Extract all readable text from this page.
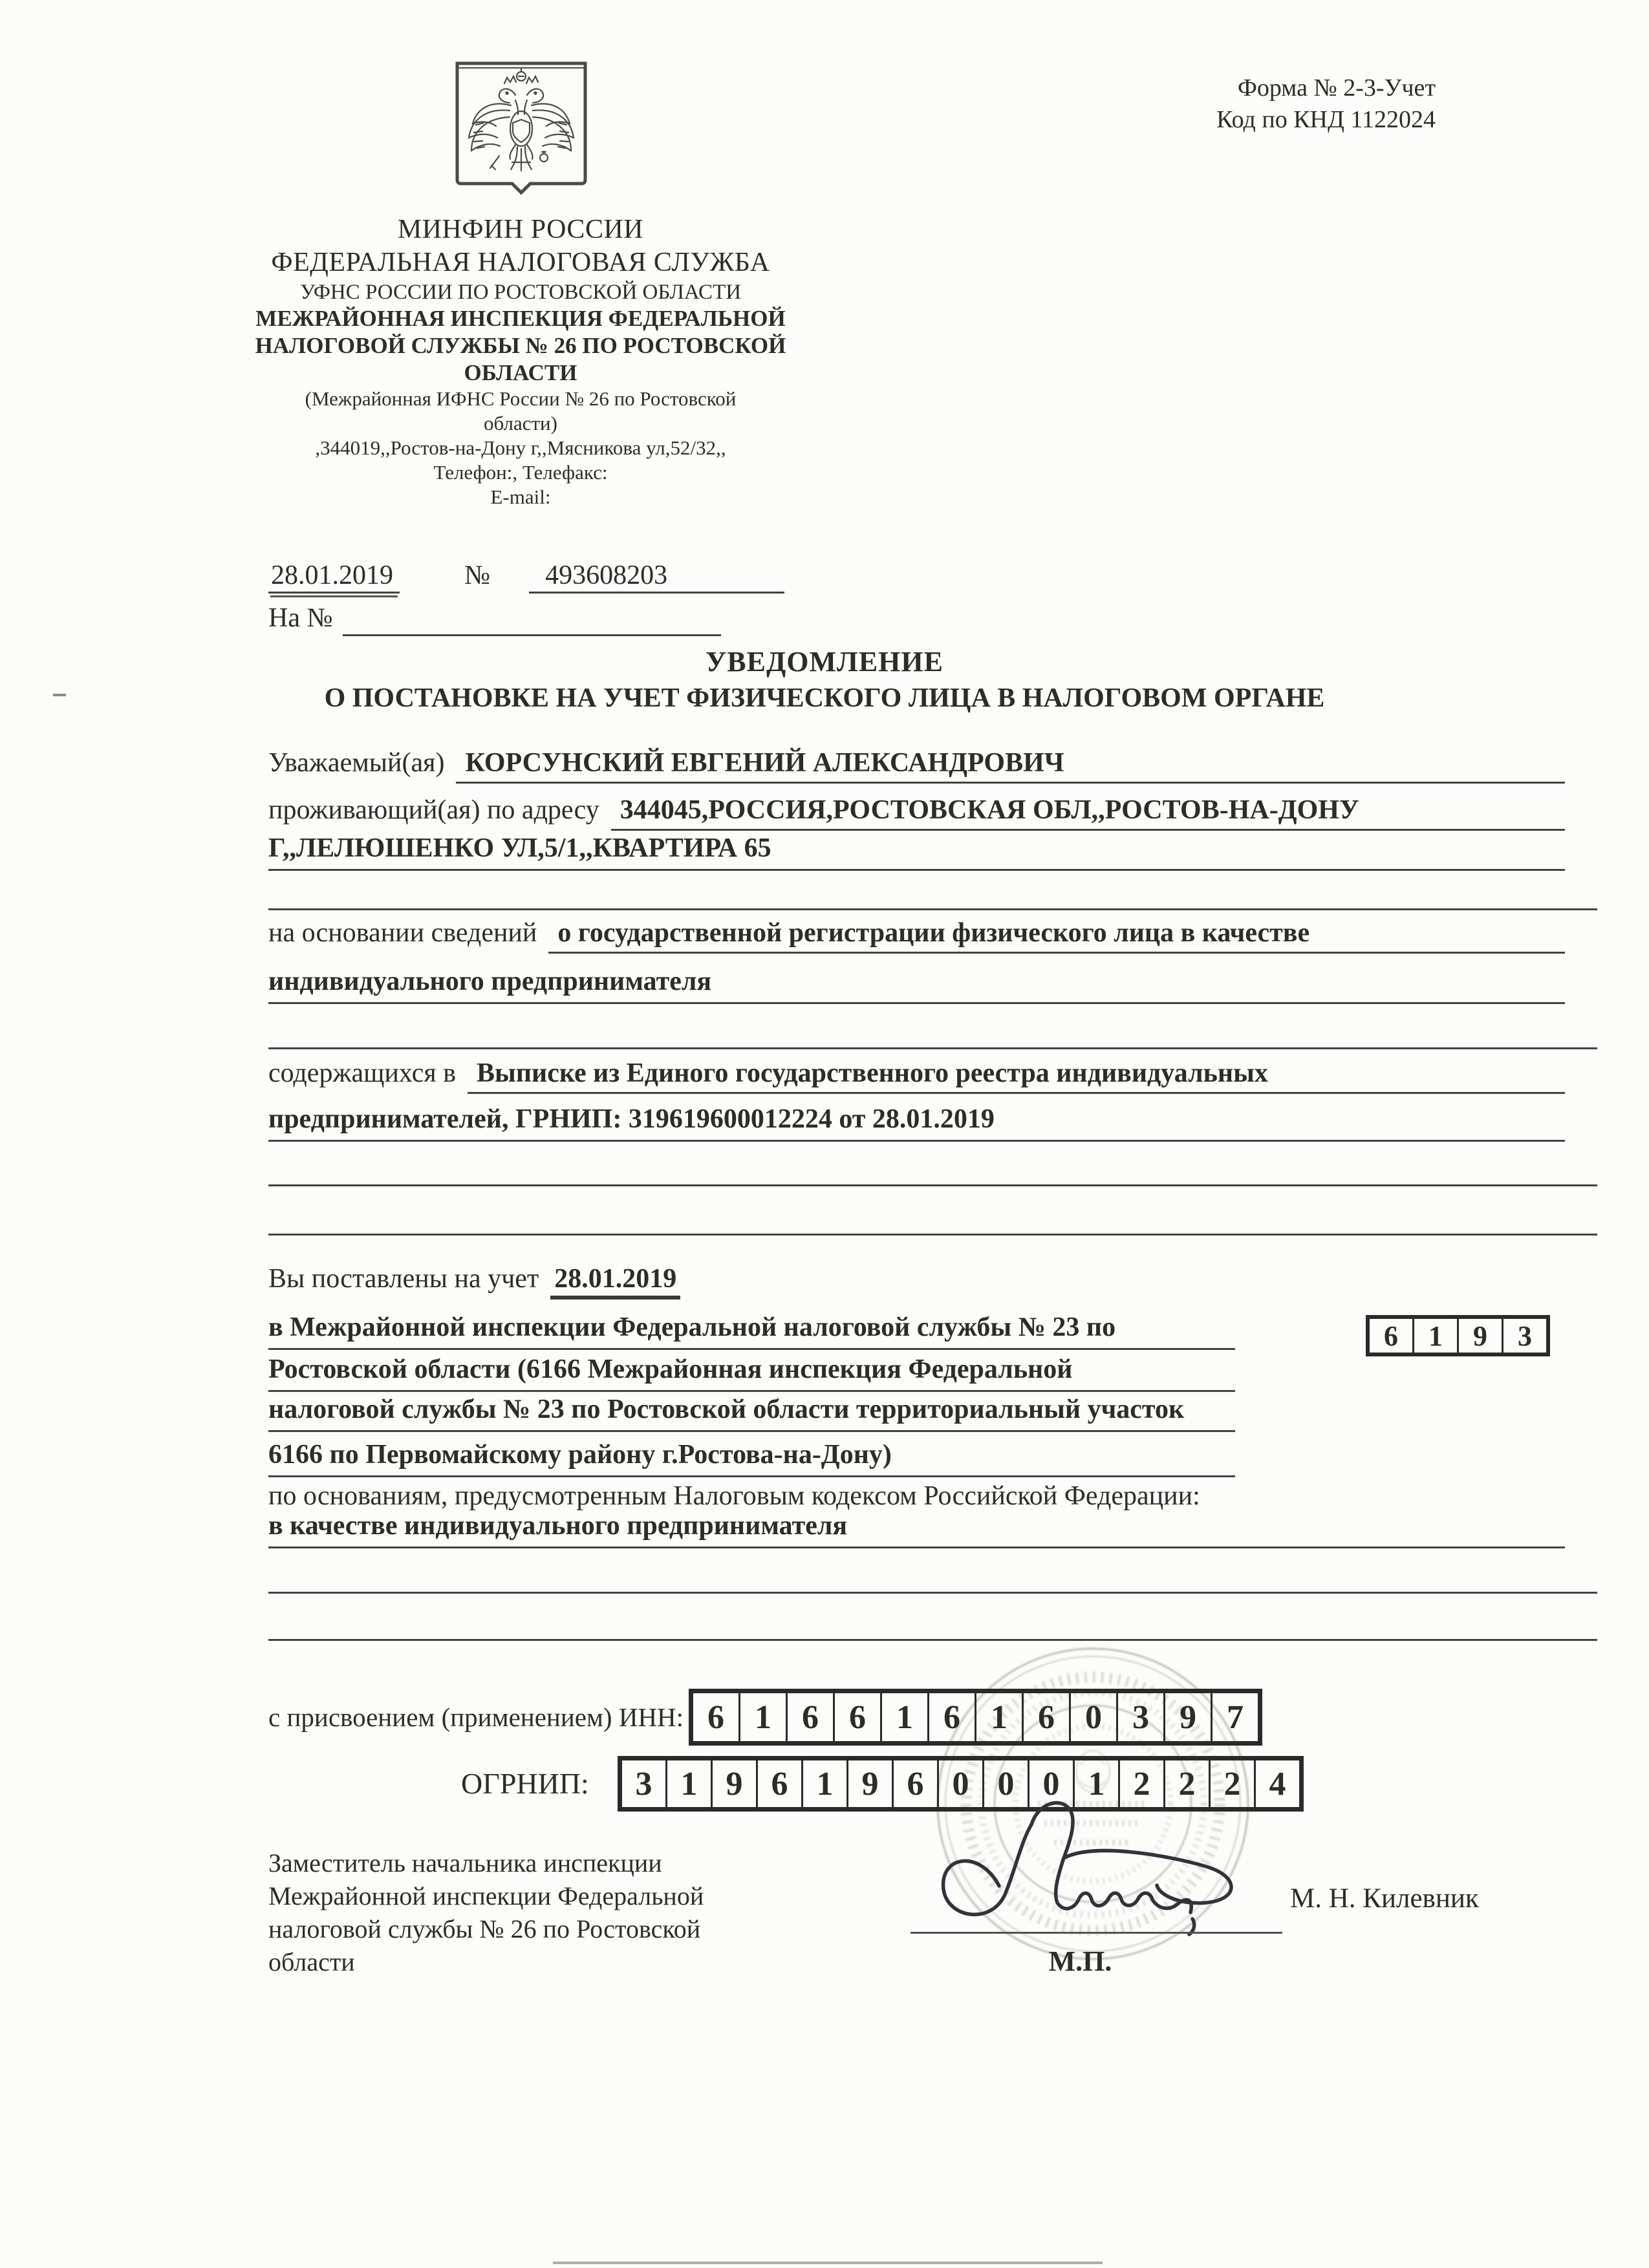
МИНФИН РОССИИ
ФЕДЕРАЛЬНАЯ НАЛОГОВАЯ СЛУЖБА
УФНС РОССИИ ПО РОСТОВСКОЙ ОБЛАСТИ
МЕЖРАЙОННАЯ ИНСПЕКЦИЯ ФЕДЕРАЛЬНОЙ
НАЛОГОВОЙ СЛУЖБЫ № 26 ПО РОСТОВСКОЙ
ОБЛАСТИ
(Межрайонная ИФНС России № 26 по Ростовской
области)
,344019,,Ростов-на-Дону г,,Мясникова ул,52/32,,
Телефон:, Телефакс:
E-mail:
Форма № 2-3-Учет
Код по КНД 1122024
28.01.2019	№	493608203
На №
УВЕДОМЛЕНИЕ
О ПОСТАНОВКЕ НА УЧЕТ ФИЗИЧЕСКОГО ЛИЦА В НАЛОГОВОМ ОРГАНЕ
Уважаемый(ая) КОРСУНСКИЙ ЕВГЕНИЙ АЛЕКСАНДРОВИЧ
проживающий(ая) по адресу 344045,РОССИЯ,РОСТОВСКАЯ ОБЛ,,РОСТОВ-НА-ДОНУ
Г,,ЛЕЛЮШЕНКО УЛ,5/1,,КВАРТИРА 65
на основании сведений о государственной регистрации физического лица в качестве
индивидуального предпринимателя
содержащихся в Выписке из Единого государственного реестра индивидуальных
предпринимателей, ГРНИП: 319619600012224 от 28.01.2019
Вы поставлены на учет 28.01.2019
в Межрайонной инспекции Федеральной налоговой службы № 23 по	6	1	9	3
Ростовской области (6166 Межрайонная инспекция Федеральной
налоговой службы № 23 по Ростовской области территориальный участок
6166 по Первомайскому району г.Ростова-на-Дону)
по основаниям, предусмотренным Налоговым кодексом Российской Федерации:
в качестве индивидуального предпринимателя
с присвоением (применением) ИНН: 6 1 6 6 1 6 1 6 0 3 9 7
ОГРНИП:	3 1 9 6 1 9 6 0 0 0 1 2 2 2 4
Заместитель начальника инспекции
Межрайонной инспекции Федеральной
налоговой службы № 26 по Ростовской
области	М.П.
М. Н. Килевник
